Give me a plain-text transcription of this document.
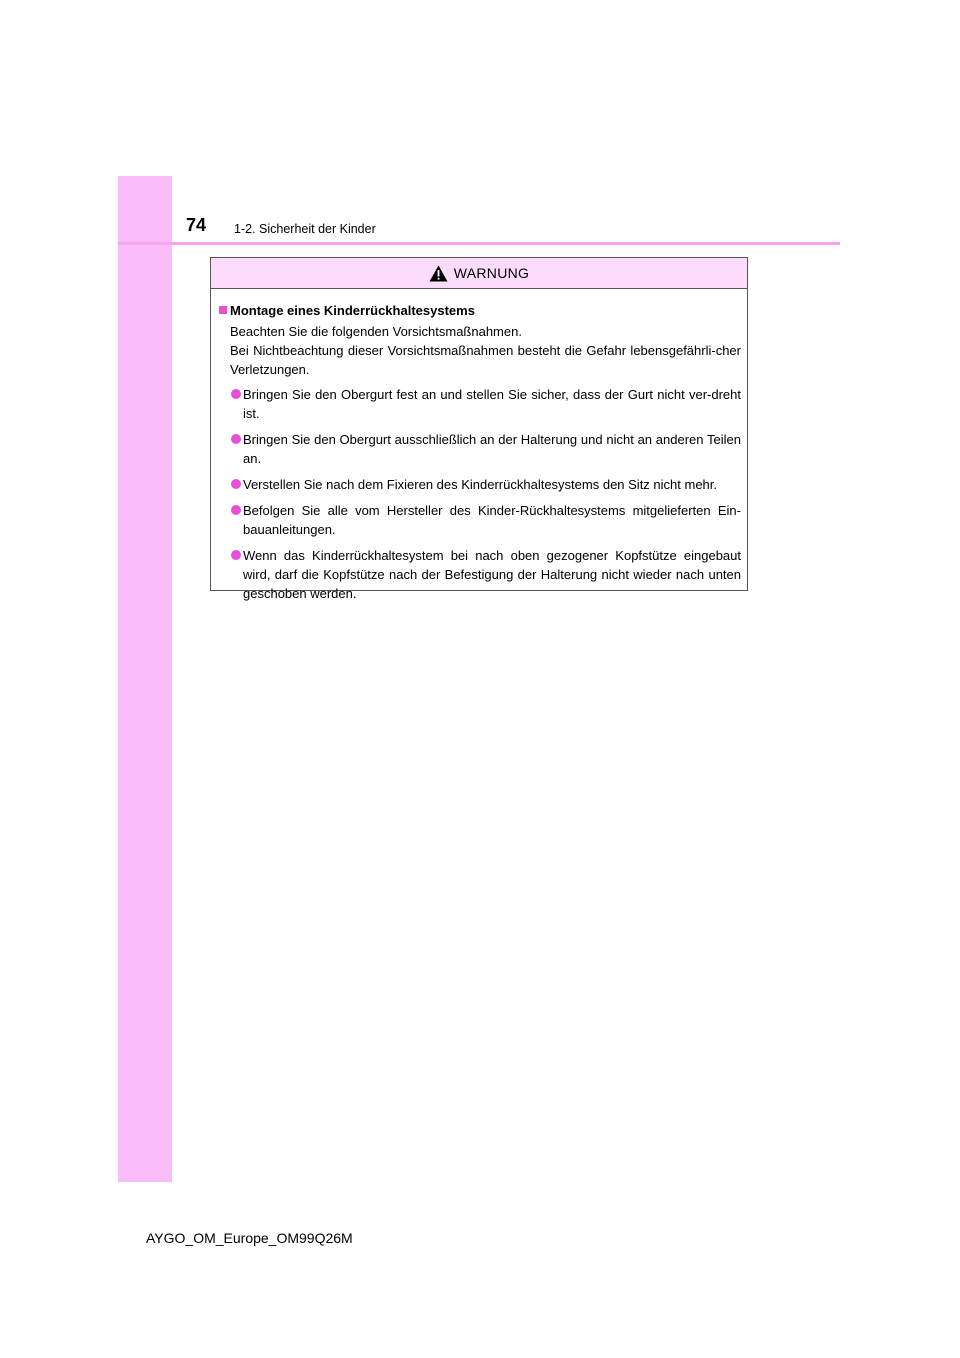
74 1-2. Sicherheit der Kinder
WARNUNG
Montage eines Kinderrückhaltesystems
Beachten Sie die folgenden Vorsichtsmaßnahmen.
Bei Nichtbeachtung dieser Vorsichtsmaßnahmen besteht die Gefahr lebensgefährli-cher Verletzungen.
Bringen Sie den Obergurt fest an und stellen Sie sicher, dass der Gurt nicht ver-dreht ist.
Bringen Sie den Obergurt ausschließlich an der Halterung und nicht an anderen Teilen an.
Verstellen Sie nach dem Fixieren des Kinderrückhaltesystems den Sitz nicht mehr.
Befolgen Sie alle vom Hersteller des Kinder-Rückhaltesystems mitgelieferten Ein-bauanleitungen.
Wenn das Kinderrückhaltesystem bei nach oben gezogener Kopfstütze eingebaut wird, darf die Kopfstütze nach der Befestigung der Halterung nicht wieder nach unten geschoben werden.
AYGO_OM_Europe_OM99Q26M
